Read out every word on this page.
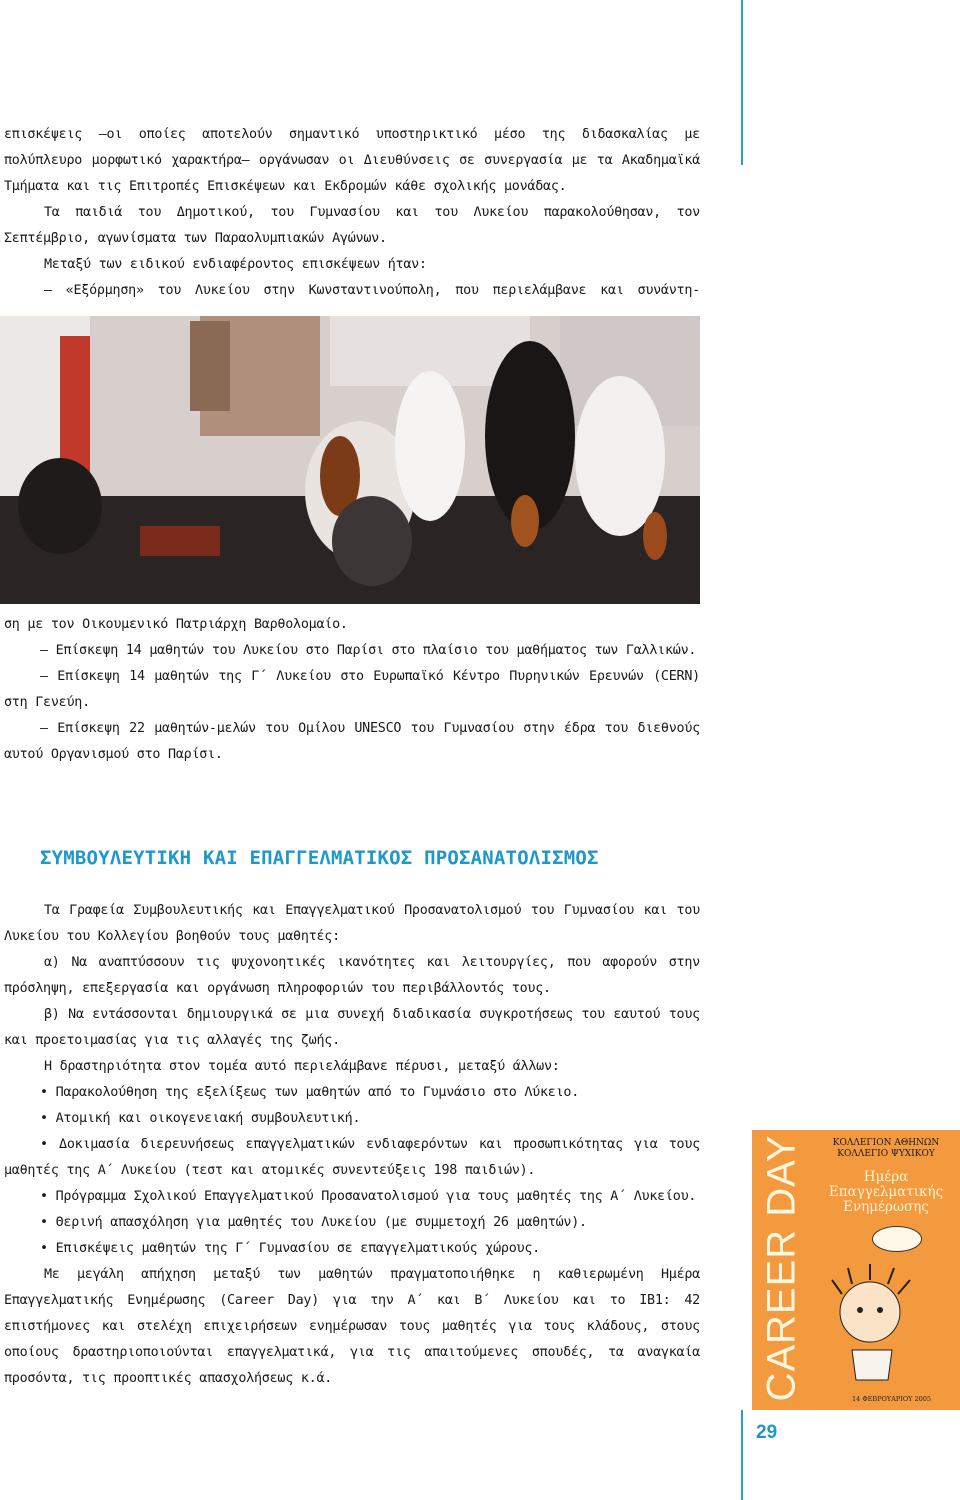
επισκέψεις –οι οποίες αποτελούν σημαντικό υποστηρικτικό μέσο της διδασκαλίας με πολύπλευρο μορφωτικό χαρακτήρα– οργάνωσαν οι Διευθύνσεις σε συνεργασία με τα Ακαδημαϊκά Τμήματα και τις Επιτροπές Επισκέψεων και Εκδρομών κάθε σχολικής μονάδας.

Τα παιδιά του Δημοτικού, του Γυμνασίου και του Λυκείου παρακολούθησαν, τον Σεπτέμβριο, αγωνίσματα των Παραολυμπιακών Αγώνων.

Μεταξύ των ειδικού ενδιαφέροντος επισκέψεων ήταν:

– «Εξόρμηση» του Λυκείου στην Κωνσταντινούπολη, που περιελάμβανε και συνάντη-

ση με τον Οικουμενικό Πατριάρχη Βαρθολομαίο.

– Επίσκεψη 14 μαθητών του Λυκείου στο Παρίσι στο πλαίσιο του μαθήματος των Γαλλικών.

– Επίσκεψη 14 μαθητών της Γ΄ Λυκείου στο Ευρωπαϊκό Κέντρο Πυρηνικών Ερευνών (CERN) στη Γενεύη.

– Επίσκεψη 22 μαθητών-μελών του Ομίλου UNESCO του Γυμνασίου στην έδρα του διεθνούς αυτού Οργανισμού στο Παρίσι.

ΣΥΜΒΟΥΛΕΥΤΙΚΗ ΚΑΙ ΕΠΑΓΓΕΛΜΑΤΙΚΟΣ ΠΡΟΣΑΝΑΤΟΛΙΣΜΟΣ

Τα Γραφεία Συμβουλευτικής και Επαγγελματικού Προσανατολισμού του Γυμνασίου και του Λυκείου του Κολλεγίου βοηθούν τους μαθητές:

α) Να αναπτύσσουν τις ψυχονοητικές ικανότητες και λειτουργίες, που αφορούν στην πρόσληψη, επεξεργασία και οργάνωση πληροφοριών του περιβάλλοντός τους.

β) Να εντάσσονται δημιουργικά σε μια συνεχή διαδικασία συγκροτήσεως του εαυτού τους και προετοιμασίας για τις αλλαγές της ζωής.

Η δραστηριότητα στον τομέα αυτό περιελάμβανε πέρυσι, μεταξύ άλλων:

• Παρακολούθηση της εξελίξεως των μαθητών από το Γυμνάσιο στο Λύκειο.

• Ατομική και οικογενειακή συμβουλευτική.

• Δοκιμασία διερευνήσεως επαγγελματικών ενδιαφερόντων και προσωπικότητας για τους μαθητές της Α΄ Λυκείου (τεστ και ατομικές συνεντεύξεις 198 παιδιών).

• Πρόγραμμα Σχολικού Επαγγελματικού Προσανατολισμού για τους μαθητές της Α΄ Λυκείου.

• Θερινή απασχόληση για μαθητές του Λυκείου (με συμμετοχή 26 μαθητών).

• Επισκέψεις μαθητών της Γ΄ Γυμνασίου σε επαγγελματικούς χώρους.

Με μεγάλη απήχηση μεταξύ των μαθητών πραγματοποιήθηκε η καθιερωμένη Ημέρα Επαγγελματικής Ενημέρωσης (Career Day) για την Α΄ και Β΄ Λυκείου και το IB1: 42 επιστήμονες και στελέχη επιχειρήσεων ενημέρωσαν τους μαθητές για τους κλάδους, στους οποίους δραστηριοποιούνται επαγγελματικά, για τις απαιτούμενες σπουδές, τα αναγκαία προσόντα, τις προοπτικές απασχολήσεως κ.ά.	CAREER DAY	ΚΟΛΛΕΓΙΟΝ ΑΘΗΝΩΝ
ΚΟΛΛΕΓΙΟ ΨΥΧΙΚΟΥ
Ημέρα
Επαγγελματικής
Ενημέρωσης

14 ΦΕΒΡΟΥΑΡΙΟΥ 2005
29
